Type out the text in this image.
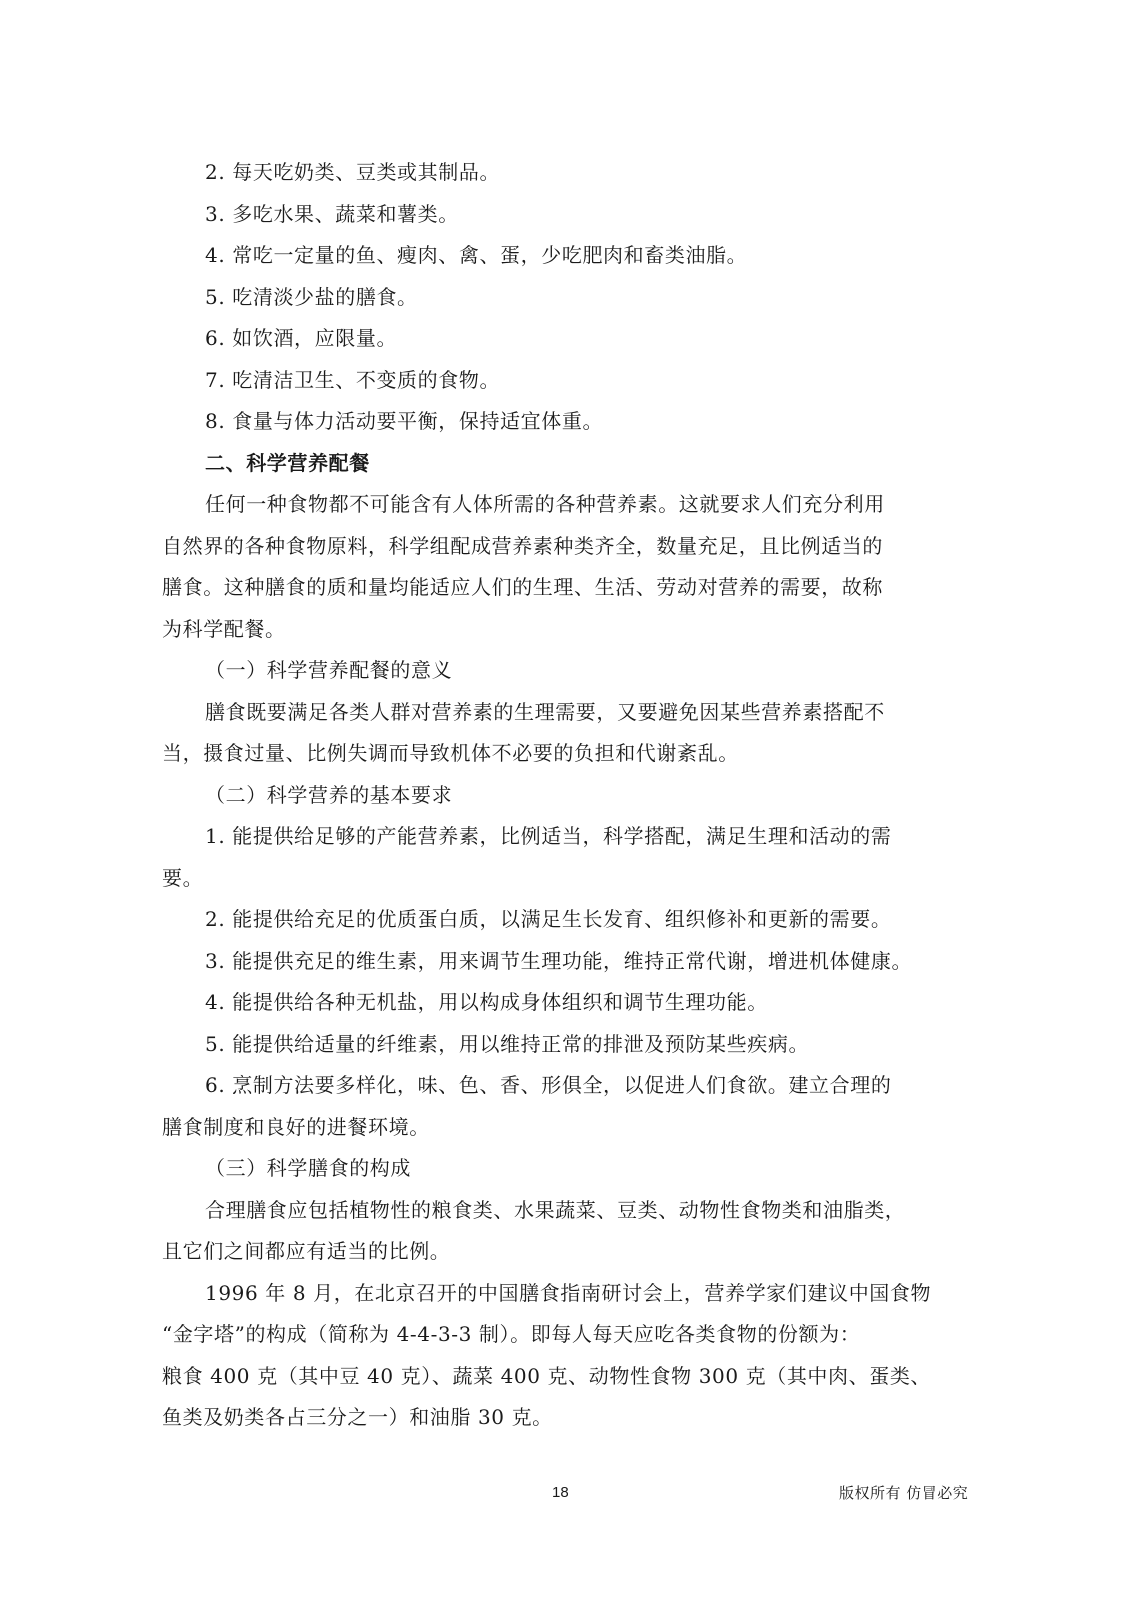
2. 每天吃奶类、豆类或其制品。
3. 多吃水果、蔬菜和薯类。
4. 常吃一定量的鱼、瘦肉、禽、蛋，少吃肥肉和畜类油脂。
5. 吃清淡少盐的膳食。
6. 如饮酒，应限量。
7. 吃清洁卫生、不变质的食物。
8. 食量与体力活动要平衡，保持适宜体重。
二、科学营养配餐
任何一种食物都不可能含有人体所需的各种营养素。这就要求人们充分利用
自然界的各种食物原料，科学组配成营养素种类齐全，数量充足，且比例适当的
膳食。这种膳食的质和量均能适应人们的生理、生活、劳动对营养的需要，故称
为科学配餐。
（一）科学营养配餐的意义
膳食既要满足各类人群对营养素的生理需要，又要避免因某些营养素搭配不
当，摄食过量、比例失调而导致机体不必要的负担和代谢紊乱。
（二）科学营养的基本要求
1. 能提供给足够的产能营养素，比例适当，科学搭配，满足生理和活动的需
要。
2. 能提供给充足的优质蛋白质，以满足生长发育、组织修补和更新的需要。
3. 能提供充足的维生素，用来调节生理功能，维持正常代谢，增进机体健康。
4. 能提供给各种无机盐，用以构成身体组织和调节生理功能。
5. 能提供给适量的纤维素，用以维持正常的排泄及预防某些疾病。
6. 烹制方法要多样化，味、色、香、形俱全，以促进人们食欲。建立合理的
膳食制度和良好的进餐环境。
（三）科学膳食的构成
合理膳食应包括植物性的粮食类、水果蔬菜、豆类、动物性食物类和油脂类，
且它们之间都应有适当的比例。
1996 年 8 月，在北京召开的中国膳食指南研讨会上，营养学家们建议中国食物
“金字塔”的构成（简称为 4-4-3-3 制）。即每人每天应吃各类食物的份额为：
粮食 400 克（其中豆 40 克）、蔬菜 400 克、动物性食物 300 克（其中肉、蛋类、
鱼类及奶类各占三分之一）和油脂 30 克。
18	版权所有 仿冒必究
